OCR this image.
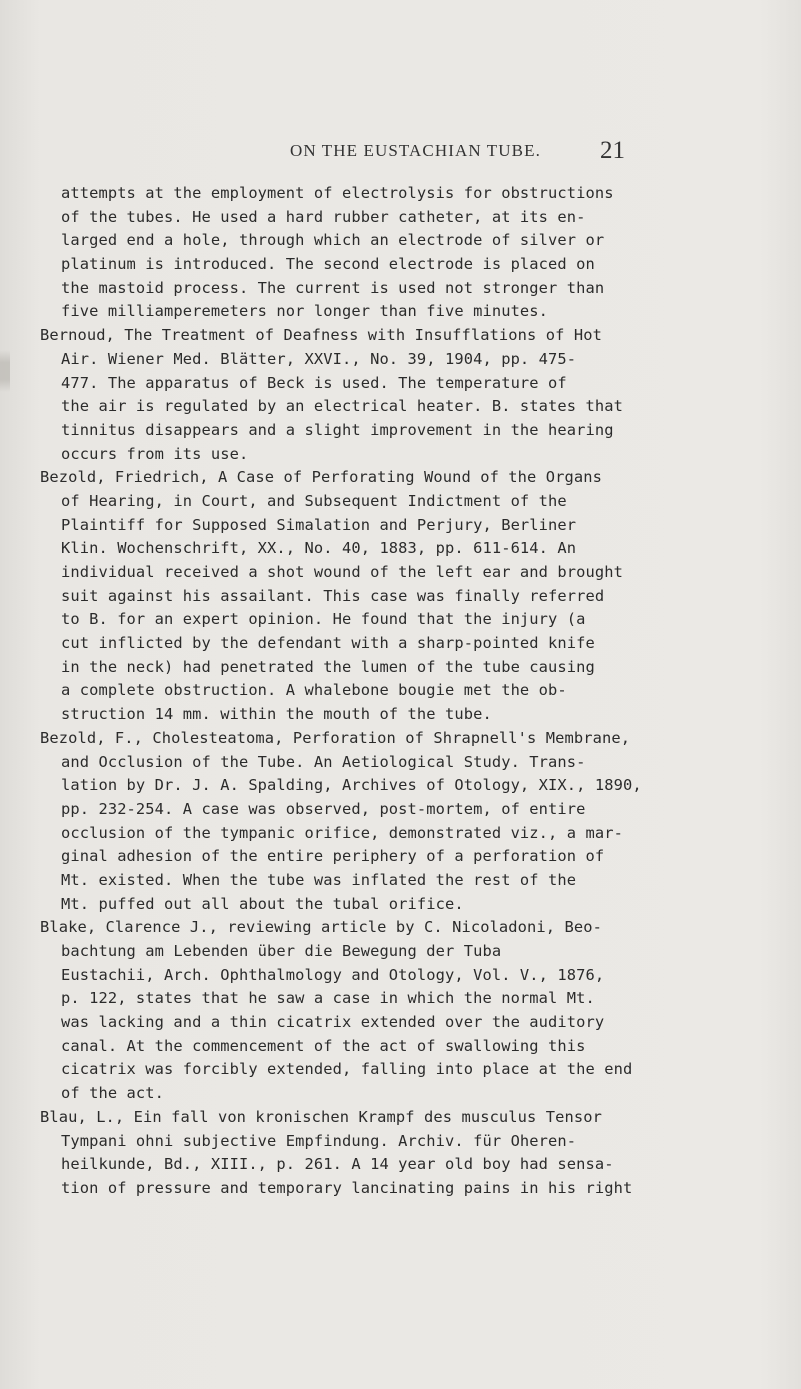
ON THE EUSTACHIAN TUBE. 21
attempts at the employment of electrolysis for obstructions
of the tubes. He used a hard rubber catheter, at its en-
larged end a hole, through which an electrode of silver or
platinum is introduced. The second electrode is placed on
the mastoid process. The current is used not stronger than
five milliamperemeters nor longer than five minutes.
Bernoud, The Treatment of Deafness with Insufflations of Hot
Air. Wiener Med. Blätter, XXVI., No. 39, 1904, pp. 475-
477. The apparatus of Beck is used. The temperature of
the air is regulated by an electrical heater. B. states that
tinnitus disappears and a slight improvement in the hearing
occurs from its use.
Bezold, Friedrich, A Case of Perforating Wound of the Organs
of Hearing, in Court, and Subsequent Indictment of the
Plaintiff for Supposed Simalation and Perjury, Berliner
Klin. Wochenschrift, XX., No. 40, 1883, pp. 611-614. An
individual received a shot wound of the left ear and brought
suit against his assailant. This case was finally referred
to B. for an expert opinion. He found that the injury (a
cut inflicted by the defendant with a sharp-pointed knife
in the neck) had penetrated the lumen of the tube causing
a complete obstruction. A whalebone bougie met the ob-
struction 14 mm. within the mouth of the tube.
Bezold, F., Cholesteatoma, Perforation of Shrapnell's Membrane,
and Occlusion of the Tube. An Aetiological Study. Trans-
lation by Dr. J. A. Spalding, Archives of Otology, XIX., 1890,
pp. 232-254. A case was observed, post-mortem, of entire
occlusion of the tympanic orifice, demonstrated viz., a mar-
ginal adhesion of the entire periphery of a perforation of
Mt. existed. When the tube was inflated the rest of the
Mt. puffed out all about the tubal orifice.
Blake, Clarence J., reviewing article by C. Nicoladoni, Beo-
bachtung am Lebenden über die Bewegung der Tuba
Eustachii, Arch. Ophthalmology and Otology, Vol. V., 1876,
p. 122, states that he saw a case in which the normal Mt.
was lacking and a thin cicatrix extended over the auditory
canal. At the commencement of the act of swallowing this
cicatrix was forcibly extended, falling into place at the end
of the act.
Blau, L., Ein fall von kronischen Krampf des musculus Tensor
Tympani ohni subjective Empfindung. Archiv. für Oheren-
heilkunde, Bd., XIII., p. 261. A 14 year old boy had sensa-
tion of pressure and temporary lancinating pains in his right
